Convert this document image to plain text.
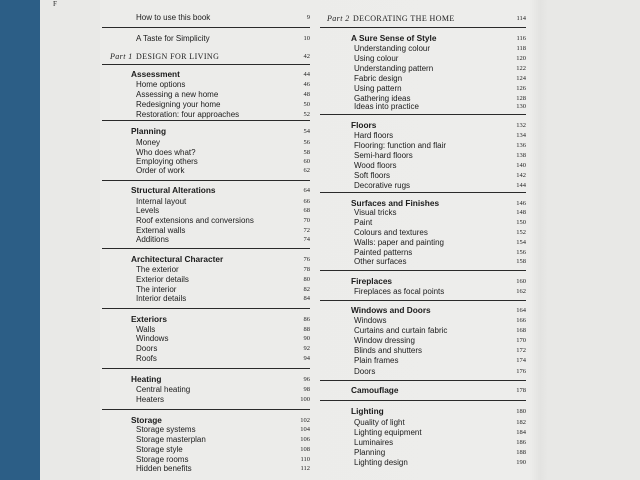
F
How to use this book	9
A Taste for Simplicity	10
Part 1 DESIGN FOR LIVING	42
Assessment	44
Home options	46
Assessing a new home	48
Redesigning your home	50
Restoration: four approaches	52
Planning	54
Money	56
Who does what?	58
Employing others	60
Order of work	62
Structural Alterations	64
Internal layout	66
Levels	68
Roof extensions and conversions	70
External walls	72
Additions	74
Architectural Character	76
The exterior	78
Exterior details	80
The interior	82
Interior details	84
Exteriors	86
Walls	88
Windows	90
Doors	92
Roofs	94
Heating	96
Central heating	98
Heaters	100
Storage	102
Storage systems	104
Storage masterplan	106
Storage style	108
Storage rooms	110
Hidden benefits	112
Part 2 DECORATING THE HOME	114
A Sure Sense of Style	116
Understanding colour	118
Using colour	120
Understanding pattern	122
Fabric design	124
Using pattern	126
Gathering ideas	128
Ideas into practice	130
Floors	132
Hard floors	134
Flooring: function and flair	136
Semi-hard floors	138
Wood floors	140
Soft floors	142
Decorative rugs	144
Surfaces and Finishes	146
Visual tricks	148
Paint	150
Colours and textures	152
Walls: paper and painting	154
Painted patterns	156
Other surfaces	158
Fireplaces	160
Fireplaces as focal points	162
Windows and Doors	164
Windows	166
Curtains and curtain fabric	168
Window dressing	170
Blinds and shutters	172
Plain frames	174
Doors	176
Camouflage	178
Lighting	180
Quality of light	182
Lighting equipment	184
Luminaires	186
Planning	188
Lighting design	190
